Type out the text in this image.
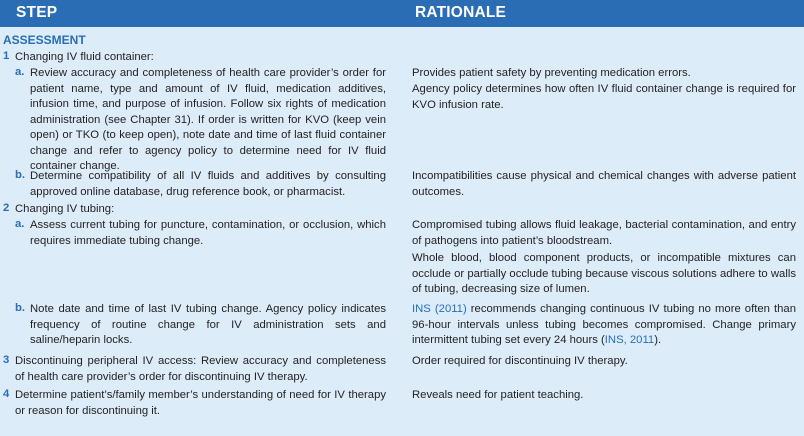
STEP	RATIONALE
ASSESSMENT
1 Changing IV fluid container:
a. Review accuracy and completeness of health care provider’s order for patient name, type and amount of IV fluid, medication additives, infusion time, and purpose of infusion. Follow six rights of medication administration (see Chapter 31). If order is written for KVO (keep vein open) or TKO (to keep open), note date and time of last fluid container change and refer to agency policy to determine need for IV fluid container change.
b. Determine compatibility of all IV fluids and additives by consulting approved online database, drug reference book, or pharmacist.
2 Changing IV tubing:
a. Assess current tubing for puncture, contamination, or occlusion, which requires immediate tubing change.
b. Note date and time of last IV tubing change. Agency policy indicates frequency of routine change for IV administration sets and saline/heparin locks.
3 Discontinuing peripheral IV access: Review accuracy and completeness of health care provider’s order for discontinuing IV therapy.
4 Determine patient’s/family member’s understanding of need for IV therapy or reason for discontinuing it.
Provides patient safety by preventing medication errors.
Agency policy determines how often IV fluid container change is required for KVO infusion rate.
Incompatibilities cause physical and chemical changes with adverse patient outcomes.
Compromised tubing allows fluid leakage, bacterial contamination, and entry of pathogens into patient’s bloodstream.
Whole blood, blood component products, or incompatible mixtures can occlude or partially occlude tubing because viscous solutions adhere to walls of tubing, decreasing size of lumen.
INS (2011) recommends changing continuous IV tubing no more often than 96-hour intervals unless tubing becomes compromised. Change primary intermittent tubing set every 24 hours (INS, 2011).
Order required for discontinuing IV therapy.
Reveals need for patient teaching.
